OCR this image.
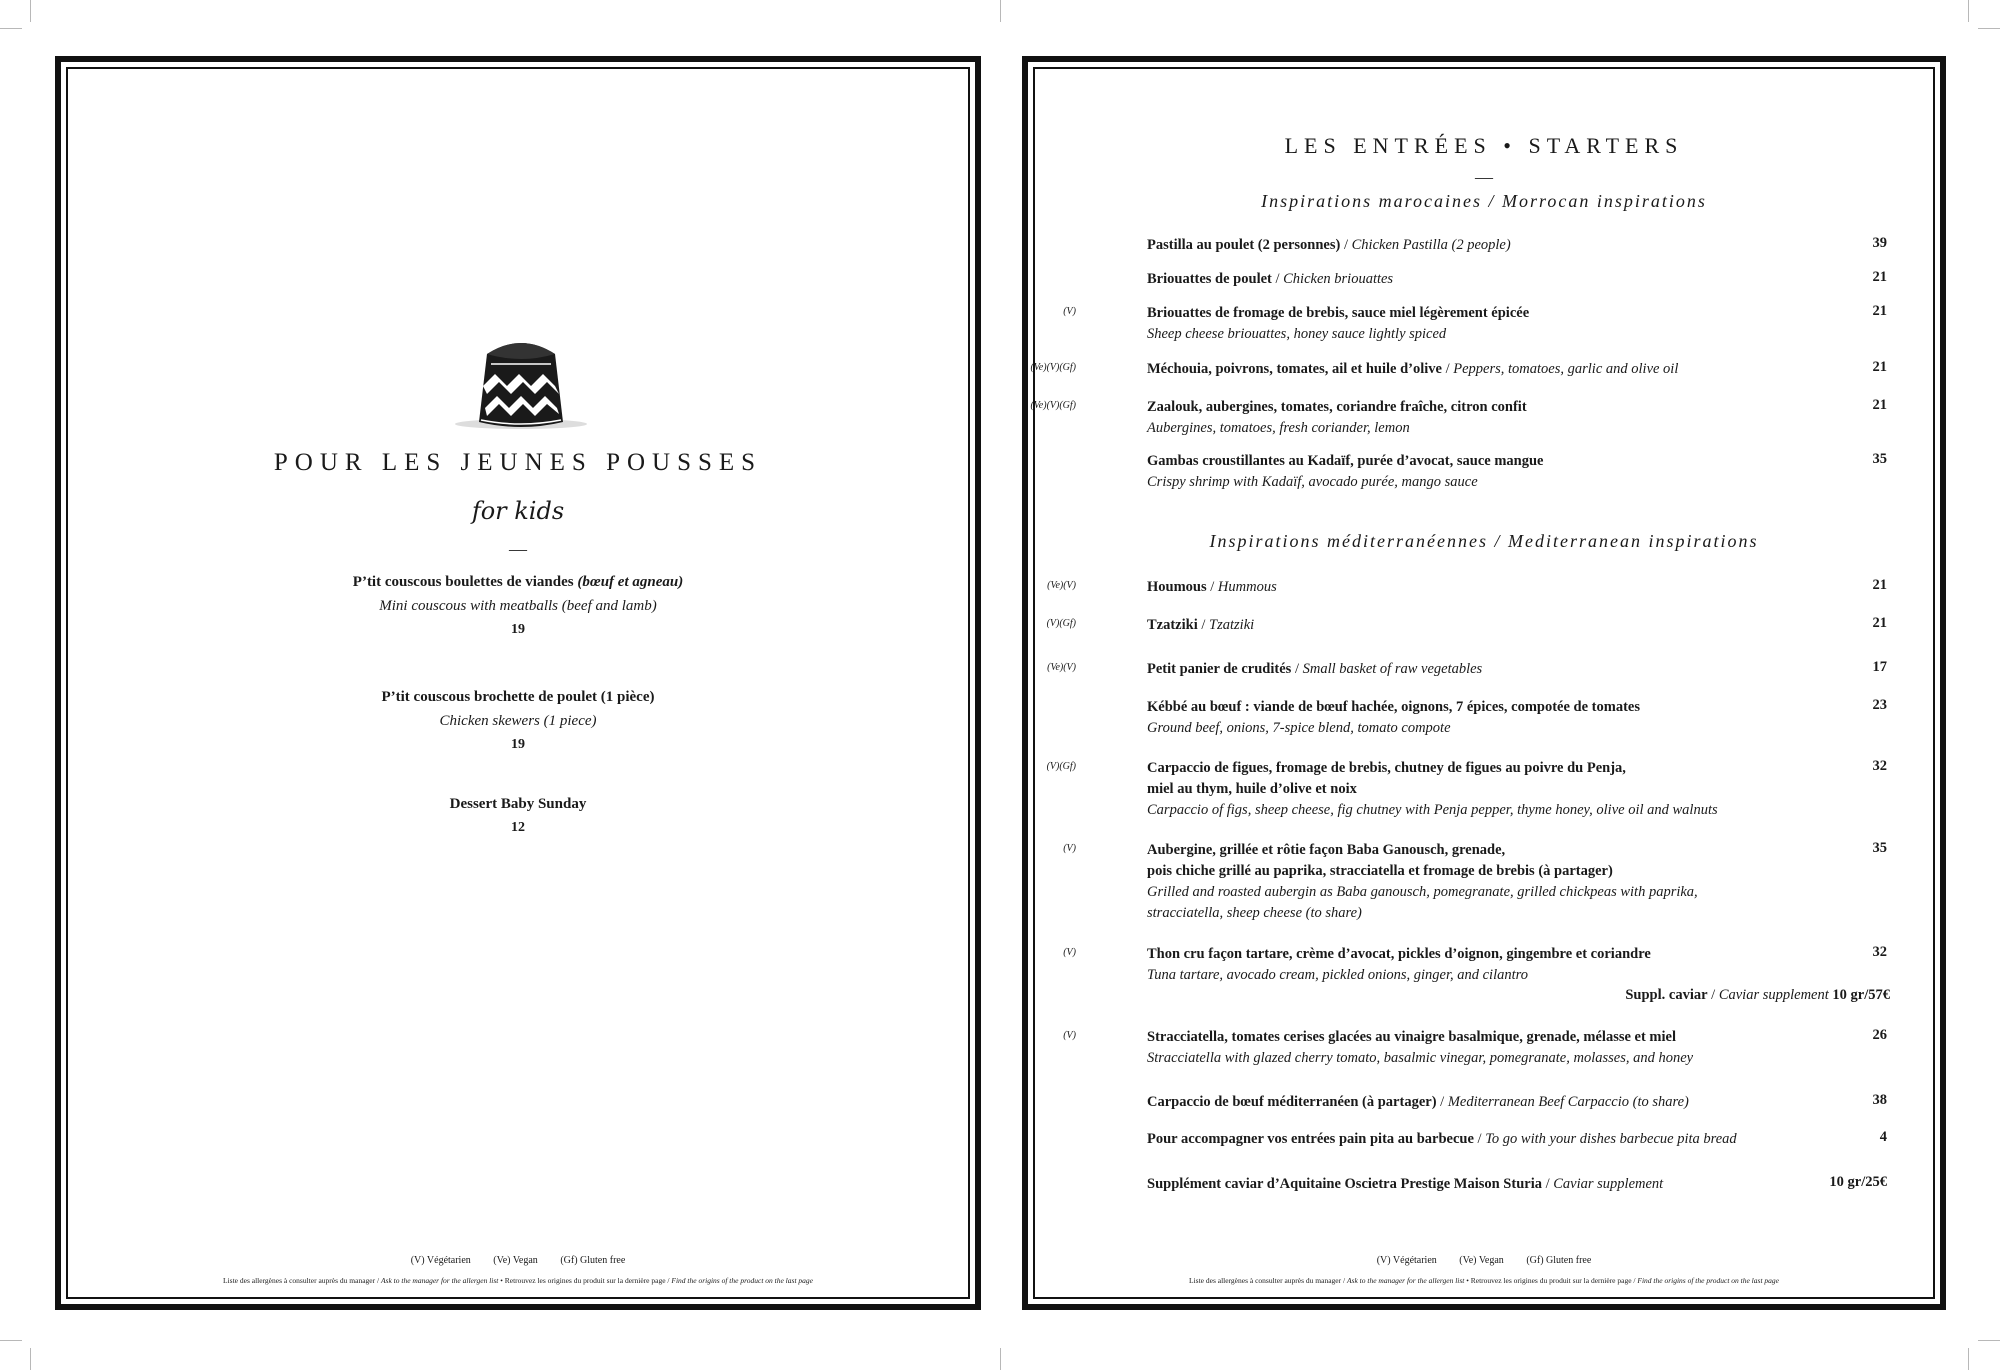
POUR LES JEUNES POUSSES
for kids
—
P’tit couscous boulettes de viandes (bœuf et agneau)
Mini couscous with meatballs (beef and lamb)
19
P’tit couscous brochette de poulet (1 pièce)
Chicken skewers (1 piece)
19
Dessert Baby Sunday
12
(V) Végétarien (Ve) Vegan (Gf) Gluten free
Liste des allergènes à consulter auprès du manager / Ask to the manager for the allergen list • Retrouvez les origines du produit sur la dernière page / Find the origins of the product on the last page
LES ENTRÉES • STARTERS
—
Inspirations marocaines / Morrocan inspirations
Pastilla au poulet (2 personnes) / Chicken Pastilla (2 people)	39
Briouattes de poulet / Chicken briouattes	21
(V)	Briouattes de fromage de brebis, sauce miel légèrement épicée
Sheep cheese briouattes, honey sauce lightly spiced
21
(Ve)(V)(Gf)	Méchouia, poivrons, tomates, ail et huile d’olive / Peppers, tomatoes, garlic and olive oil	21
(Ve)(V)(Gf)	Zaalouk, aubergines, tomates, coriandre fraîche, citron confit
Aubergines, tomatoes, fresh coriander, lemon
21
Gambas croustillantes au Kadaïf, purée d’avocat, sauce mangue
Crispy shrimp with Kadaïf, avocado purée, mango sauce
35
Inspirations méditerranéennes / Mediterranean inspirations
(Ve)(V)	Houmous / Hummous	21
(V)(Gf)	Tzatziki / Tzatziki	21
(Ve)(V)	Petit panier de crudités / Small basket of raw vegetables	17
Kébbé au bœuf : viande de bœuf hachée, oignons, 7 épices, compotée de tomates
Ground beef, onions, 7-spice blend, tomato compote
23
(V)(Gf)	Carpaccio de figues, fromage de brebis, chutney de figues au poivre du Penja,
miel au thym, huile d’olive et noix
Carpaccio of figs, sheep cheese, fig chutney with Penja pepper, thyme honey, olive oil and walnuts
32
(V)	Aubergine, grillée et rôtie façon Baba Ganousch, grenade,
pois chiche grillé au paprika, stracciatella et fromage de brebis (à partager)
Grilled and roasted aubergin as Baba ganousch, pomegranate, grilled chickpeas with paprika,
stracciatella, sheep cheese (to share)
35
(V)	Thon cru façon tartare, crème d’avocat, pickles d’oignon, gingembre et coriandre
Tuna tartare, avocado cream, pickled onions, ginger, and cilantro
32
Suppl. caviar / Caviar supplement 10 gr/57€
(V)	Stracciatella, tomates cerises glacées au vinaigre basalmique, grenade, mélasse et miel
Stracciatella with glazed cherry tomato, basalmic vinegar, pomegranate, molasses, and honey
26
Carpaccio de bœuf méditerranéen (à partager) / Mediterranean Beef Carpaccio (to share)	38
Pour accompagner vos entrées pain pita au barbecue / To go with your dishes barbecue pita bread	4
Supplément caviar d’Aquitaine Oscietra Prestige Maison Sturia / Caviar supplement	10 gr/25€
(V) Végétarien (Ve) Vegan (Gf) Gluten free
Liste des allergènes à consulter auprès du manager / Ask to the manager for the allergen list • Retrouvez les origines du produit sur la dernière page / Find the origins of the product on the last page
